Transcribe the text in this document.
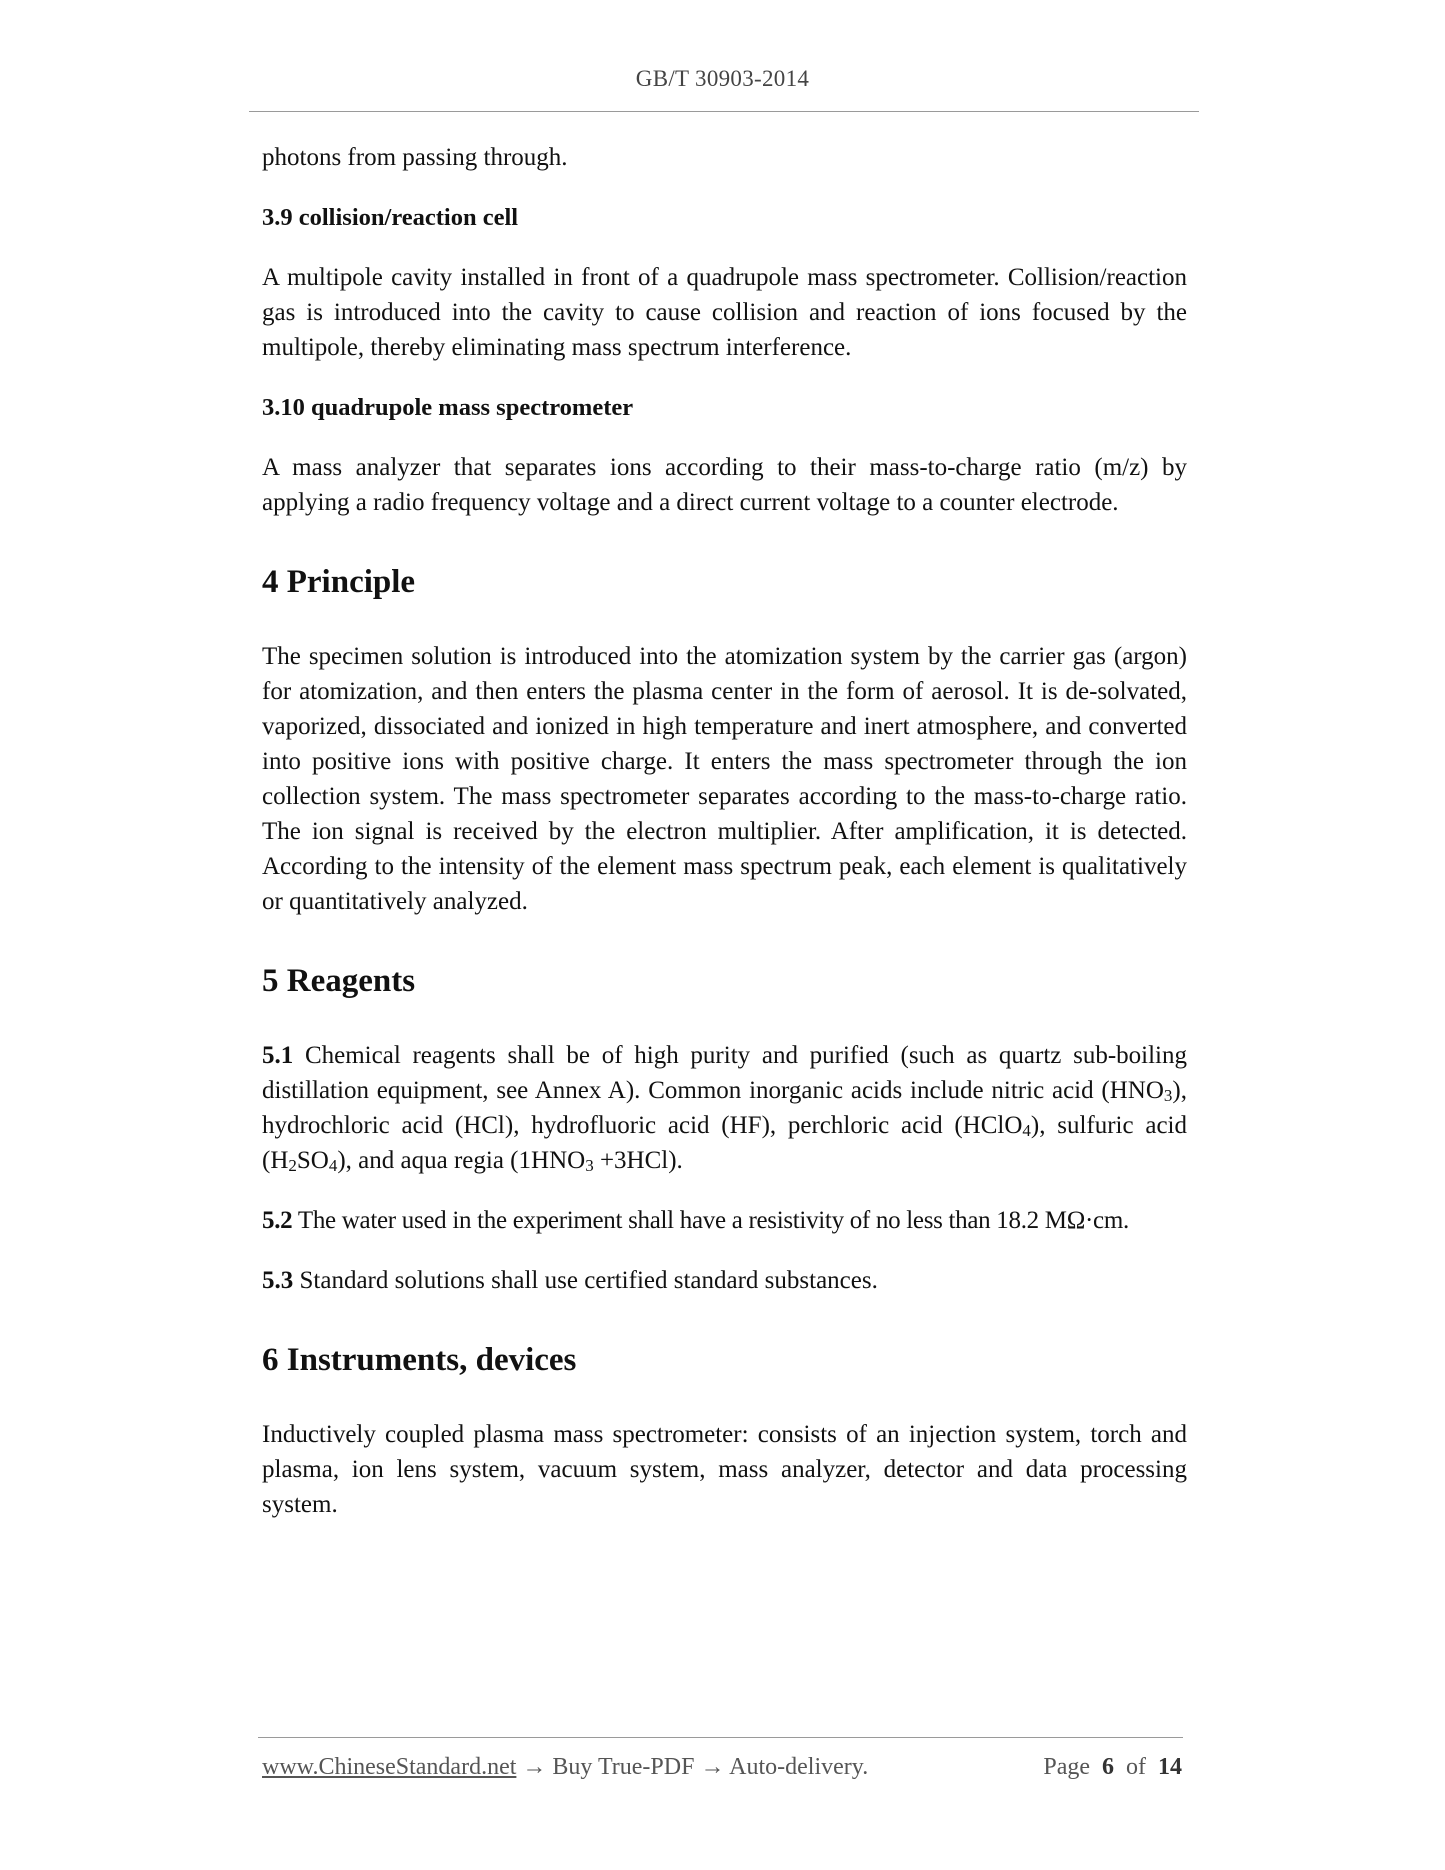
GB/T 30903-2014

photons from passing through.

3.9 collision/reaction cell

A multipole cavity installed in front of a quadrupole mass spectrometer. Collision/reaction gas is introduced into the cavity to cause collision and reaction of ions focused by the multipole, thereby eliminating mass spectrum interference.

3.10 quadrupole mass spectrometer

A mass analyzer that separates ions according to their mass-to-charge ratio (m/z) by applying a radio frequency voltage and a direct current voltage to a counter electrode.

4 Principle

The specimen solution is introduced into the atomization system by the carrier gas (argon) for atomization, and then enters the plasma center in the form of aerosol. It is de-solvated, vaporized, dissociated and ionized in high temperature and inert atmosphere, and converted into positive ions with positive charge. It enters the mass spectrometer through the ion collection system. The mass spectrometer separates according to the mass-to-charge ratio. The ion signal is received by the electron multiplier. After amplification, it is detected. According to the intensity of the element mass spectrum peak, each element is qualitatively or quantitatively analyzed.

5 Reagents

5.1 Chemical reagents shall be of high purity and purified (such as quartz sub-boiling distillation equipment, see Annex A). Common inorganic acids include nitric acid $(HNO_3)$, hydrochloric acid (HCl), hydrofluoric acid (HF), perchloric acid (HClO$_4$), sulfuric acid $(H_2SO_4)$, and aqua regia $(1HNO_3 +3HCl)$.

5.2 The water used in the experiment shall have a resistivity of no less than 18.2 MΩ·cm.

5.3 Standard solutions shall use certified standard substances.

6 Instruments, devices

Inductively coupled plasma mass spectrometer: consists of an injection system, torch and plasma, ion lens system, vacuum system, mass analyzer, detector and data processing system.

www.ChineseStandard.net → Buy True-PDF → Auto-delivery.	Page 6 of 14
